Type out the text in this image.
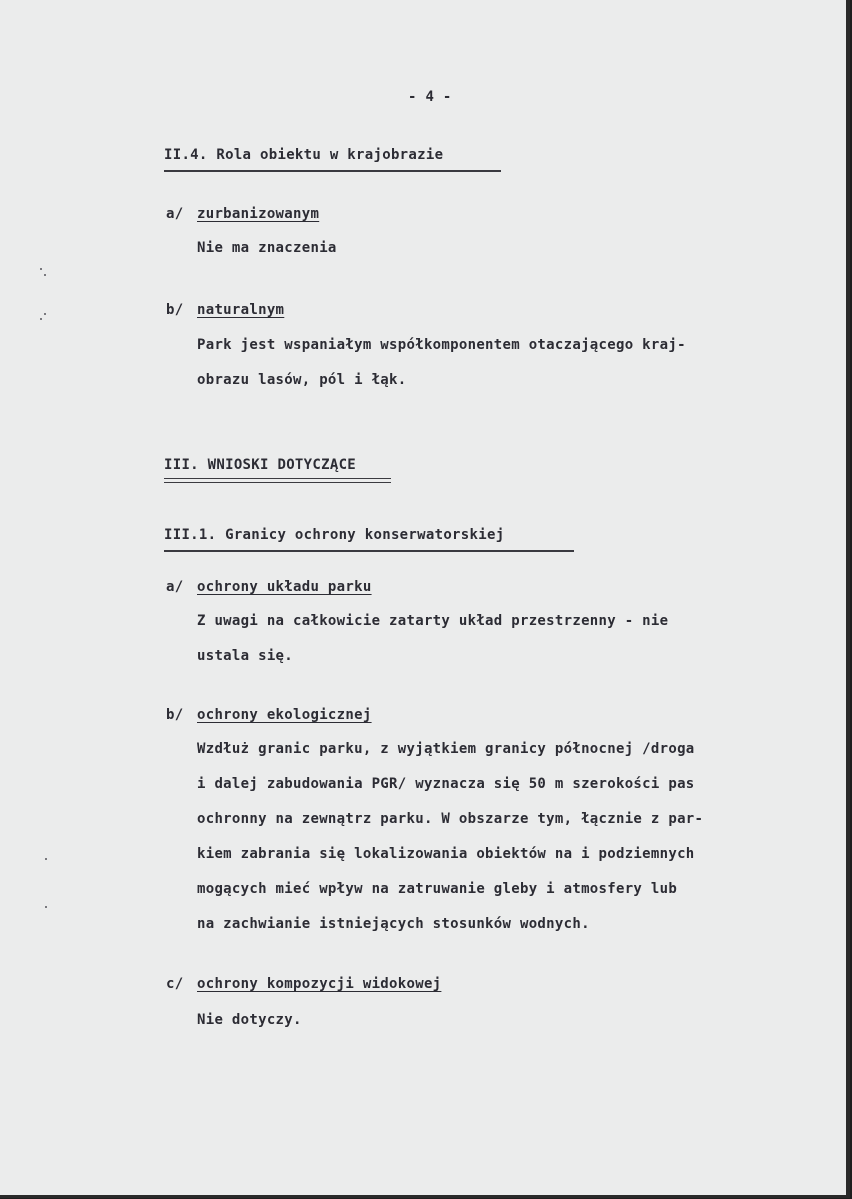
- 4 -
II.4. Rola obiektu w krajobrazie
a/ zurbanizowanym
Nie ma znaczenia
b/ naturalnym
Park jest wspaniałym współkomponentem otaczającego kraj-
obrazu lasów, pól i łąk.
III. WNIOSKI DOTYCZĄCE
III.1. Granicy ochrony konserwatorskiej
a/ ochrony układu parku
Z uwagi na całkowicie zatarty układ przestrzenny - nie
ustala się.
b/ ochrony ekologicznej
Wzdłuż granic parku, z wyjątkiem granicy północnej /droga
i dalej zabudowania PGR/ wyznacza się 50 m szerokości pas
ochronny na zewnątrz parku. W obszarze tym, łącznie z par-
kiem zabrania się lokalizowania obiektów na i podziemnych
mogących mieć wpływ na zatruwanie gleby i atmosfery lub
na zachwianie istniejących stosunków wodnych.
c/ ochrony kompozycji widokowej
Nie dotyczy.
